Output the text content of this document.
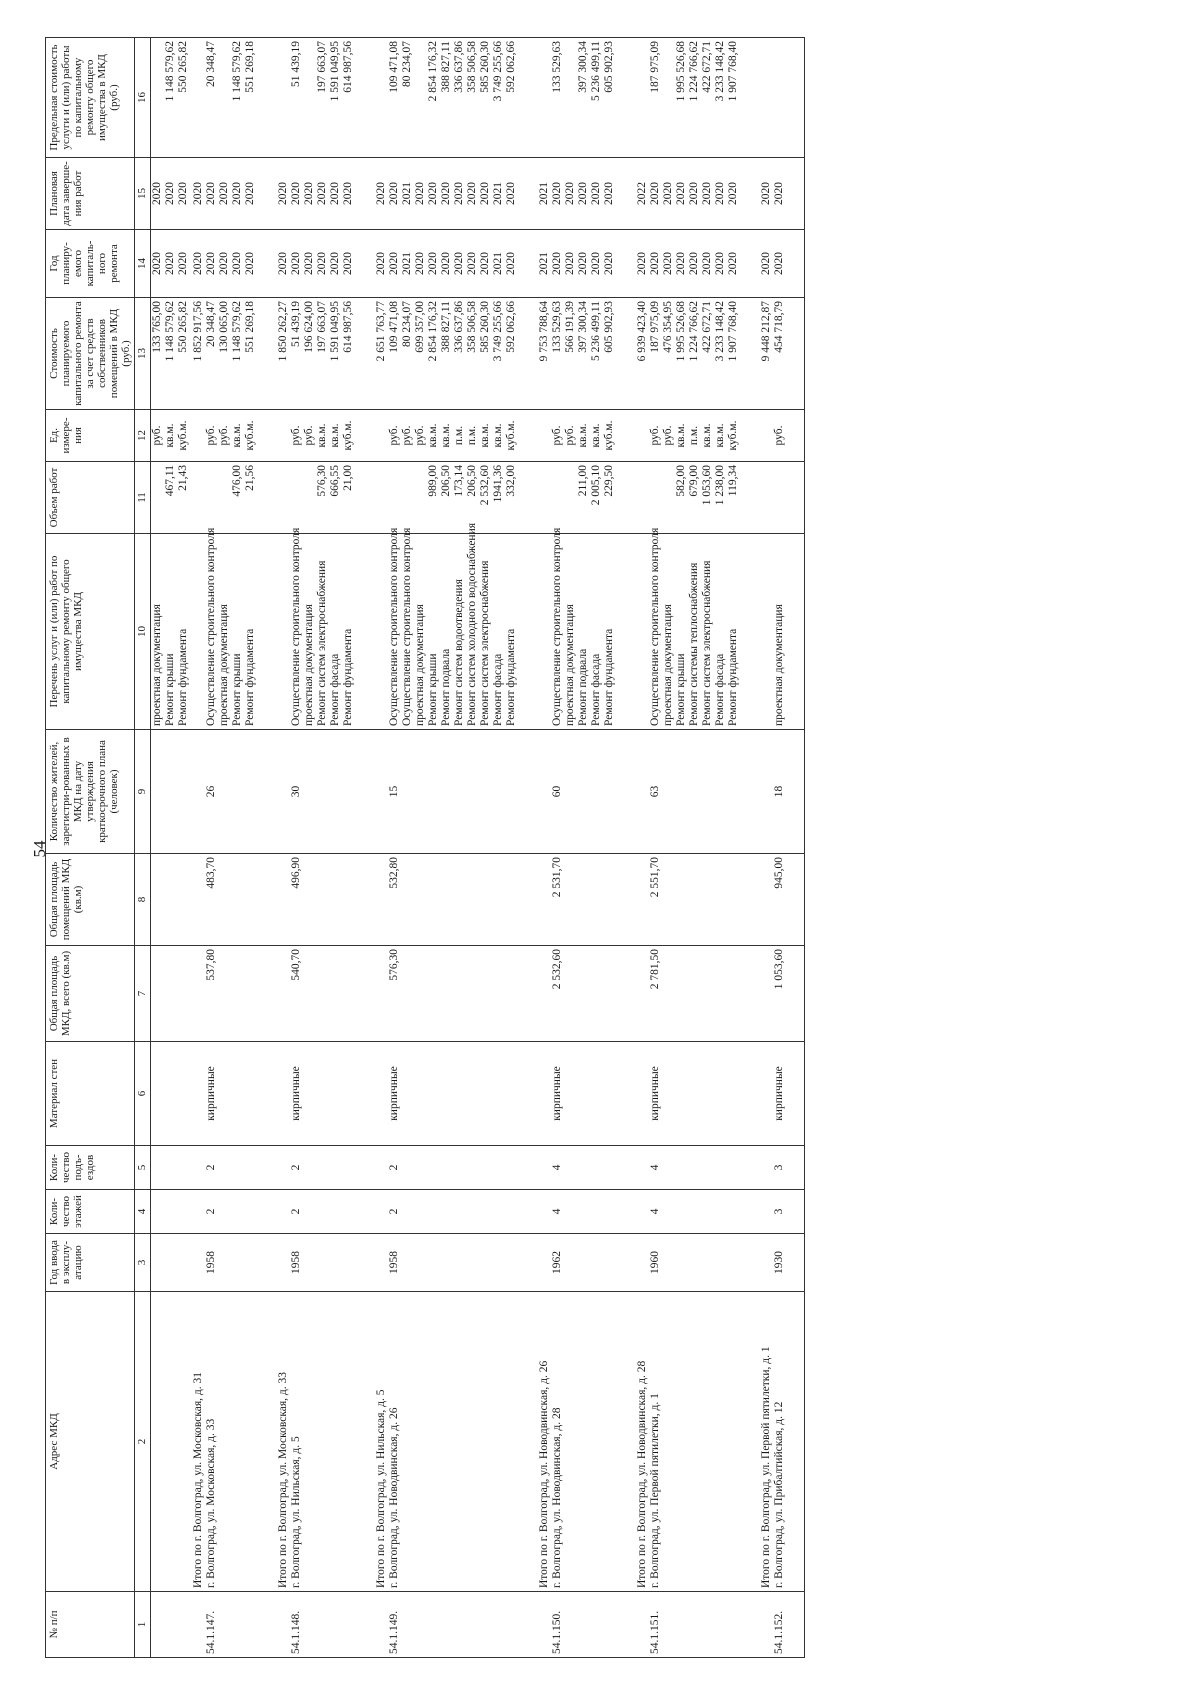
54
№ п/п	Адрес МКД	Год ввода в эксплу-атацию	Коли-чество этажей	Коли-чество подъ-ездов	Материал стен	Общая площадь МКД, всего (кв.м)	Общая площадь помещений МКД (кв.м)	Количество жителей, зарегистри-рованных в МКД на дату утверждения краткосрочного плана (человек)	Перечень услуг и (или) работ по капитальному ремонту общего имущества МКД	Объем работ	Ед. измере-ния	Стоимость планируемого капитального ремонта за счет средств собственников помещений в МКД (руб.)	Год планиру-емого капиталь-ного ремонта	Плановая дата заверше-ния работ	Предельная стоимость услуги и (или) работы по капитальному ремонту общего имущества в МКД (руб.)
1	2	3	4	5	6	7	8	9	10	11	12	13	14	15	16
									проектная документация		руб.	133 765,00	2020	2020	
									Ремонт крыши	467,11	кв.м.	1 148 579,62	2020	2020	1 148 579,62
									Ремонт фундамента	21,43	куб.м.	550 265,82	2020	2020	550 265,82
	Итого по г. Волгоград, ул. Московская, д. 31											1 852 917,56	2020	2020	
54.1.147.	г. Волгоград, ул. Московская, д. 33	1958	2	2	кирпичные	537,80	483,70	26	Осуществление строительного контроля		руб.	20 348,47	2020	2020	20 348,47
									проектная документация		руб.	130 065,00	2020	2020	
									Ремонт крыши	476,00	кв.м.	1 148 579,62	2020	2020	1 148 579,62
									Ремонт фундамента	21,56	куб.м.	551 269,18	2020	2020	551 269,18
	Итого по г. Волгоград, ул. Московская, д. 33											1 850 262,27	2020	2020	
54.1.148.	г. Волгоград, ул. Нильская, д. 5	1958	2	2	кирпичные	540,70	496,90	30	Осуществление строительного контроля		руб.	51 439,19	2020	2020	51 439,19
									проектная документация		руб.	196 624,00	2020	2020	
									Ремонт систем электроснабжения	576,30	кв.м.	197 663,07	2020	2020	197 663,07
									Ремонт фасада	666,55	кв.м.	1 591 049,95	2020	2020	1 591 049,95
									Ремонт фундамента	21,00	куб.м.	614 987,56	2020	2020	614 987,56
	Итого по г. Волгоград, ул. Нильская, д. 5											2 651 763,77	2020	2020	
54.1.149.	г. Волгоград, ул. Новодвинская, д. 26	1958	2	2	кирпичные	576,30	532,80	15	Осуществление строительного контроля		руб.	109 471,08	2020	2020	109 471,08
									Осуществление строительного контроля		руб.	80 234,07	2021	2021	80 234,07
									проектная документация		руб.	699 357,00	2020	2020	
									Ремонт крыши	989,00	кв.м.	2 854 176,32	2020	2020	2 854 176,32
									Ремонт подвала	206,50	кв.м.	388 827,11	2020	2020	388 827,11
									Ремонт систем водоотведения	173,14	п.м.	336 637,86	2020	2020	336 637,86
									Ремонт систем холодного водоснабжения	206,50	п.м.	358 506,58	2020	2020	358 506,58
									Ремонт систем электроснабжения	2 532,60	кв.м.	585 260,30	2020	2020	585 260,30
									Ремонт фасада	1941,36	кв.м.	3 749 255,66	2021	2021	3 749 255,66
									Ремонт фундамента	332,00	куб.м.	592 062,66	2020	2020	592 062,66
	Итого по г. Волгоград, ул. Новодвинская, д. 26											9 753 788,64	2021	2021	
54.1.150.	г. Волгоград, ул. Новодвинская, д. 28	1962	4	4	кирпичные	2 532,60	2 531,70	60	Осуществление строительного контроля		руб.	133 529,63	2020	2020	133 529,63
									проектная документация		руб.	566 191,39	2020	2020	
									Ремонт подвала	211,00	кв.м.	397 300,34	2020	2020	397 300,34
									Ремонт фасада	2 005,10	кв.м.	5 236 499,11	2020	2020	5 236 499,11
									Ремонт фундамента	229,50	куб.м.	605 902,93	2020	2020	605 902,93
	Итого по г. Волгоград, ул. Новодвинская, д. 28											6 939 423,40	2020	2022	
54.1.151.	г. Волгоград, ул. Первой пятилетки, д. 1	1960	4	4	кирпичные	2 781,50	2 551,70	63	Осуществление строительного контроля		руб.	187 975,09	2020	2020	187 975,09
									проектная документация		руб.	476 354,95	2020	2020	
									Ремонт крыши	582,00	кв.м.	1 995 526,68	2020	2020	1 995 526,68
									Ремонт системы теплоснабжения	679,00	п.м.	1 224 766,62	2020	2020	1 224 766,62
									Ремонт систем электроснабжения	1 053,60	кв.м.	422 672,71	2020	2020	422 672,71
									Ремонт фасада	1 238,00	кв.м.	3 233 148,42	2020	2020	3 233 148,42
									Ремонт фундамента	119,34	куб.м.	1 907 768,40	2020	2020	1 907 768,40
	Итого по г. Волгоград, ул. Первой пятилетки, д. 1											9 448 212,87	2020	2020	
54.1.152.	г. Волгоград, ул. Прибалтийская, д. 12	1930	3	3	кирпичные	1 053,60	945,00	18	проектная документация		руб.	454 718,79	2020	2020	
